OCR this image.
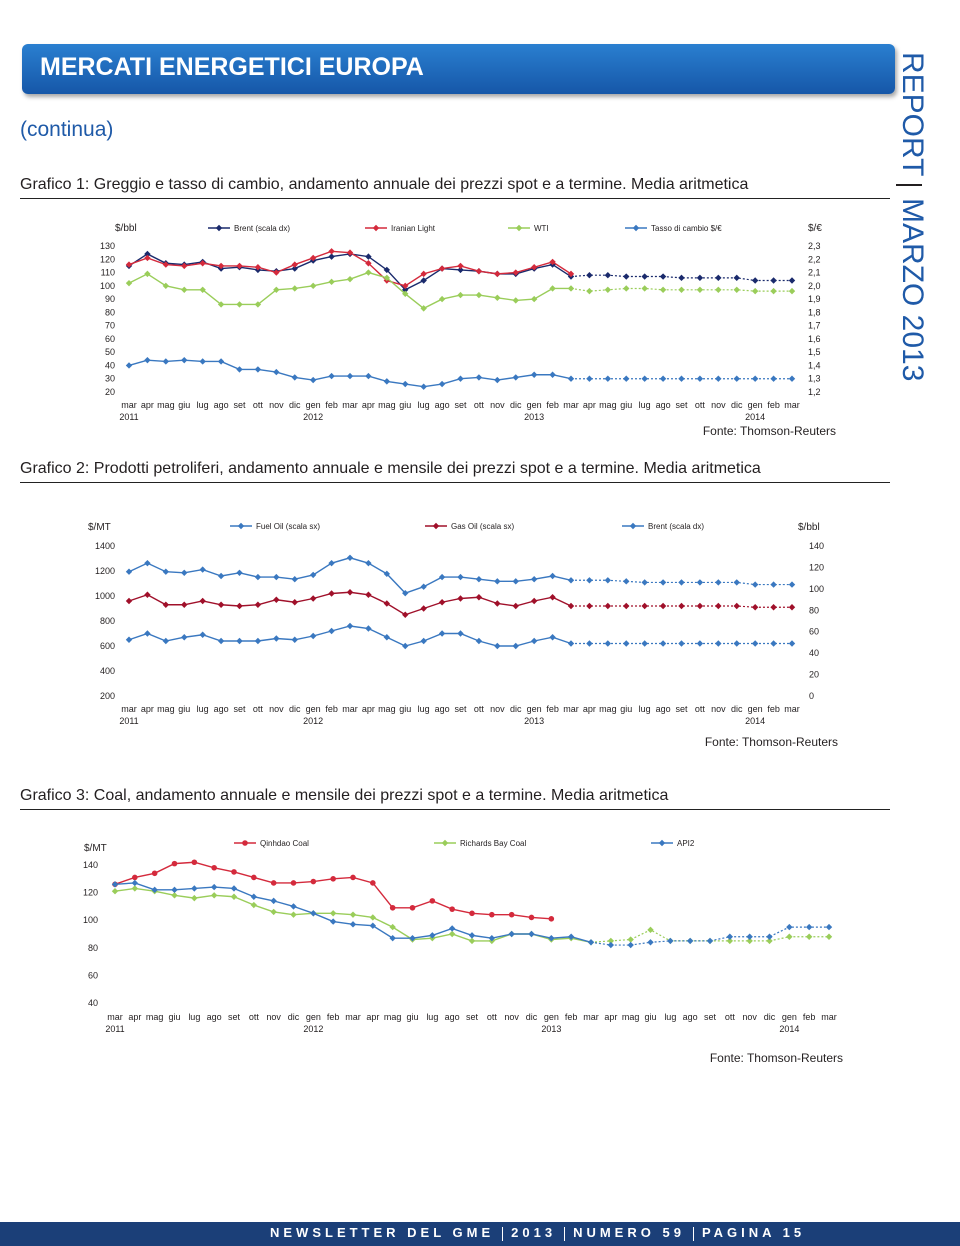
MERCATI ENERGETICI EUROPA
(continua)	REPORT
MARZO 2013
Grafico 1: Greggio e tasso di cambio, andamento annuale dei prezzi spot e a termine. Media aritmetica
$/bbl	$/€
20
30
40
50
60
70
80
90
100
110
120
130
1,2
1,3
1,4
1,5
1,6
1,7
1,8
1,9
2,0
2,1
2,2
2,3
mar apr mag giu lug ago set ott nov dic gen feb mar apr mag giu lug ago set ott nov dic gen feb mar apr mag giu lug ago set ott nov dic gen feb mar
2011	2012	2013	2014
Brent (scala dx)	Iranian Light	WTI	Tasso di cambio $/€
Fonte: Thomson-Reuters
Grafico 2: Prodotti petroliferi, andamento annuale e mensile dei prezzi spot e a termine. Media aritmetica
$/MT	$/bbl
200
400
600
800
1000
1200
1400
0
20
40
60
80
100
120
140
mar apr mag giu lug ago set ott nov dic gen feb mar apr mag giu lug ago set ott nov dic gen feb mar apr mag giu lug ago set ott nov dic gen feb mar
2011	2012	2013	2014
Fuel Oil (scala sx)	Gas Oil (scala sx)	Brent (scala dx)
Fonte: Thomson-Reuters
Grafico 3: Coal, andamento annuale e mensile dei prezzi spot e a termine. Media aritmetica
$/MT
40
60
80
100
120
140
mar apr mag giu lug ago set ott nov dic gen feb mar apr mag giu lug ago set ott nov dic gen feb mar apr mag giu lug ago set ott nov dic gen feb mar
2011	2012	2013	2014
Qinhdao Coal	Richards Bay Coal	API2
Fonte: Thomson-Reuters
NEWSLETTER DEL GME 2013 NUMERO 59 PAGINA 15
